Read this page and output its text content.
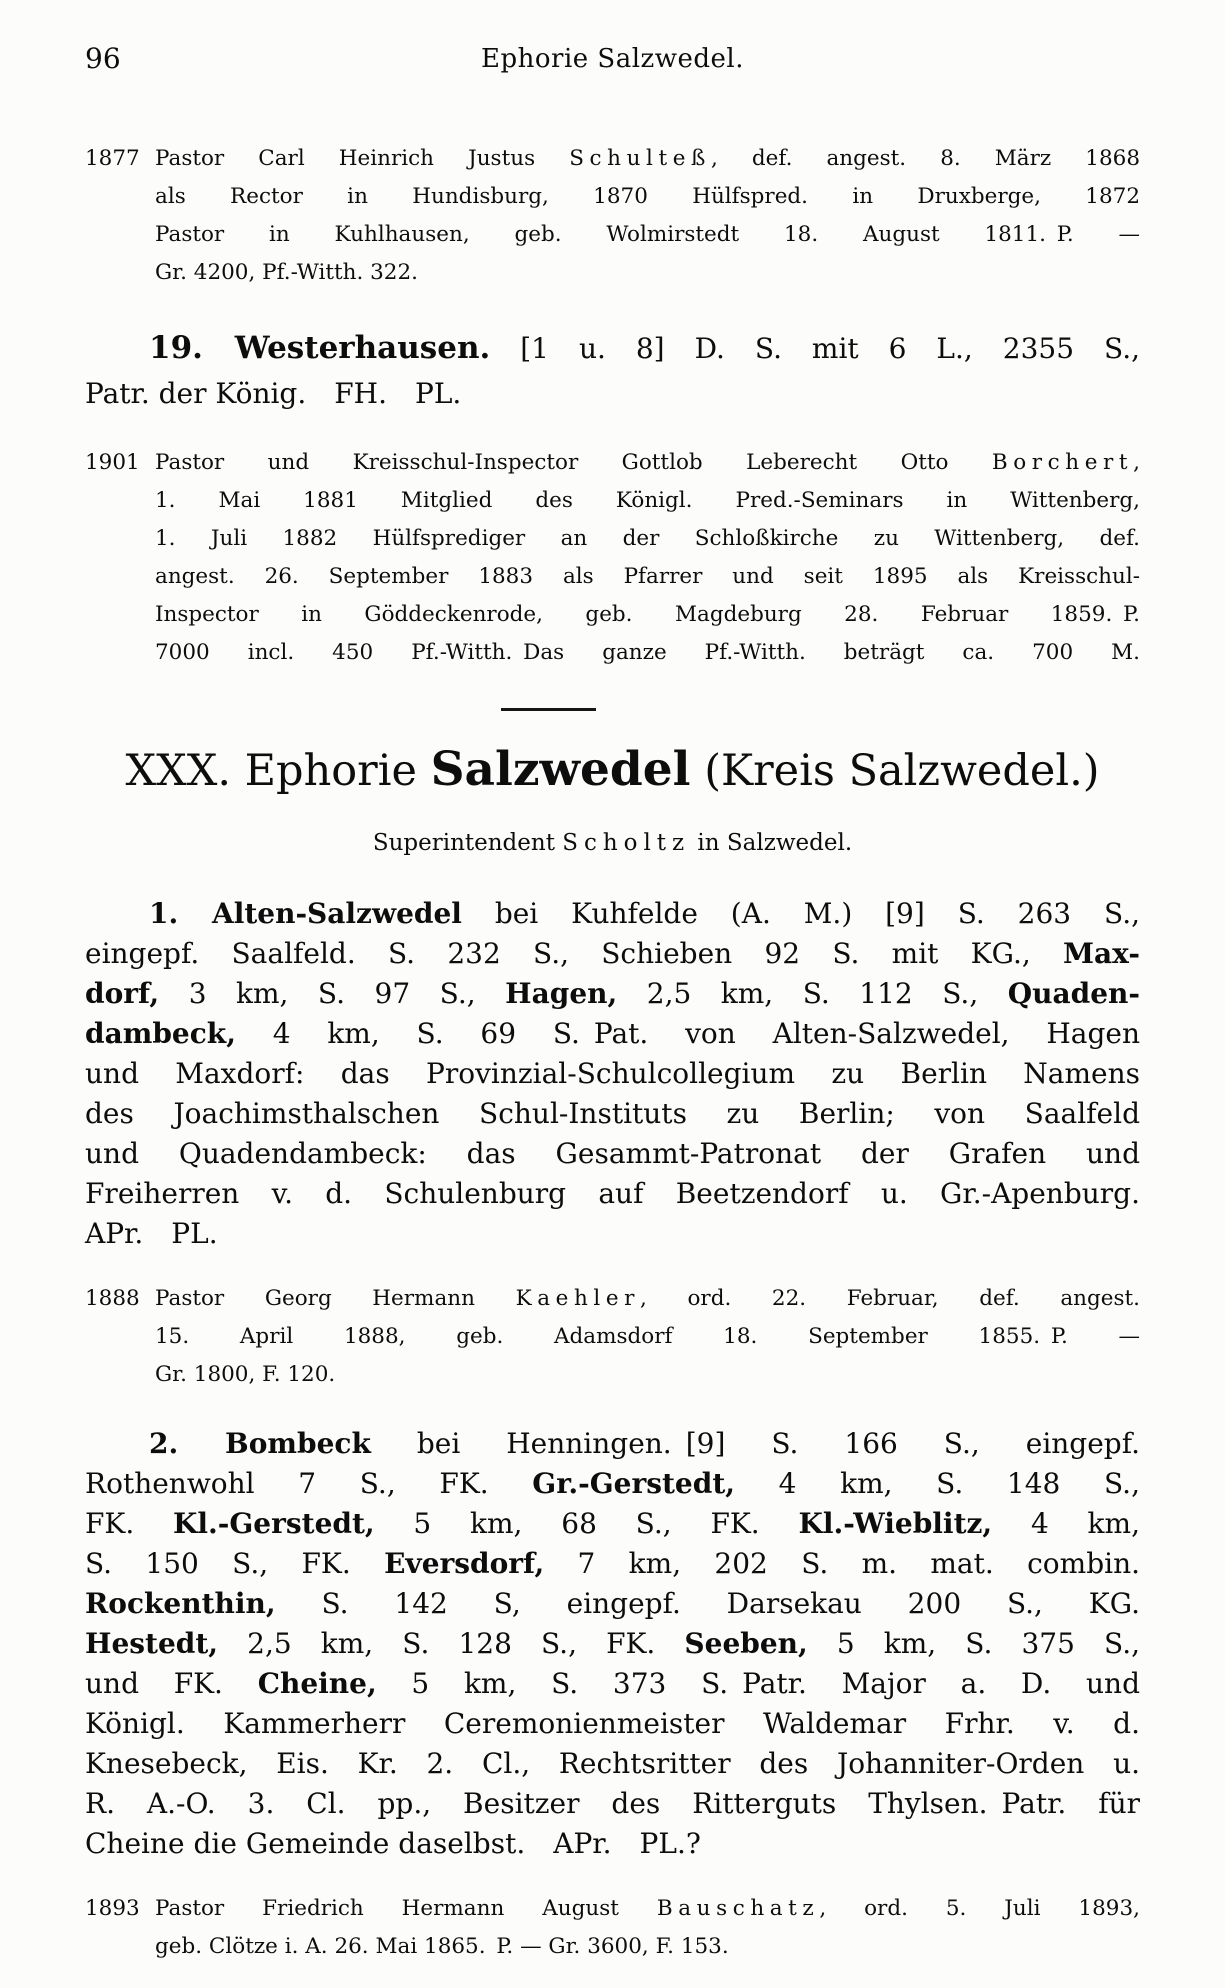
96	Ephorie Salzwedel.
1877 Pastor Carl Heinrich Justus Schulteß, def. angest. 8. März 1868
als Rector in Hundisburg, 1870 Hülfspred. in Druxberge, 1872
Pastor in Kuhlhausen, geb. Wolmirstedt 18. August 1811. P. —
Gr. 4200, Pf.-Witth. 322.
19. Westerhausen. [1 u. 8] D. S. mit 6 L., 2355 S.,
Patr. der König. FH. PL.
1901 Pastor und Kreisschul-Inspector Gottlob Leberecht Otto Borchert,
1. Mai 1881 Mitglied des Königl. Pred.-Seminars in Wittenberg,
1. Juli 1882 Hülfsprediger an der Schloßkirche zu Wittenberg, def.
angest. 26. September 1883 als Pfarrer und seit 1895 als Kreisschul-
Inspector in Göddeckenrode, geb. Magdeburg 28. Februar 1859. P.
7000 incl. 450 Pf.-Witth. Das ganze Pf.-Witth. beträgt ca. 700 M.
XXX. Ephorie Salzwedel (Kreis Salzwedel.)
Superintendent Scholtz in Salzwedel.
1. Alten-Salzwedel bei Kuhfelde (A. M.) [9] S. 263 S.,
eingepf. Saalfeld. S. 232 S., Schieben 92 S. mit KG., Max-
dorf, 3 km, S. 97 S., Hagen, 2,5 km, S. 112 S., Quaden-
dambeck, 4 km, S. 69 S. Pat. von Alten-Salzwedel, Hagen
und Maxdorf: das Provinzial-Schulcollegium zu Berlin Namens
des Joachimsthalschen Schul-Instituts zu Berlin; von Saalfeld
und Quadendambeck: das Gesammt-Patronat der Grafen und
Freiherren v. d. Schulenburg auf Beetzendorf u. Gr.-Apenburg.
APr. PL.
1888 Pastor Georg Hermann Kaehler, ord. 22. Februar, def. angest.
15. April 1888, geb. Adamsdorf 18. September 1855. P. —
Gr. 1800, F. 120.
2. Bombeck bei Henningen. [9] S. 166 S., eingepf.
Rothenwohl 7 S., FK. Gr.-Gerstedt, 4 km, S. 148 S.,
FK. Kl.-Gerstedt, 5 km, 68 S., FK. Kl.-Wieblitz, 4 km,
S. 150 S., FK. Eversdorf, 7 km, 202 S. m. mat. combin.
Rockenthin, S. 142 S, eingepf. Darsekau 200 S., KG.
Hestedt, 2,5 km, S. 128 S., FK. Seeben, 5 km, S. 375 S.,
und FK. Cheine, 5 km, S. 373 S. Patr. Major a. D. und
Königl. Kammerherr Ceremonienmeister Waldemar Frhr. v. d.
Knesebeck, Eis. Kr. 2. Cl., Rechtsritter des Johanniter-Orden u.
R. A.-O. 3. Cl. pp., Besitzer des Ritterguts Thylsen. Patr. für
Cheine die Gemeinde daselbst. APr. PL.?
1893 Pastor Friedrich Hermann August Bauschatz, ord. 5. Juli 1893,
geb. Clötze i. A. 26. Mai 1865. P. — Gr. 3600, F. 153.
